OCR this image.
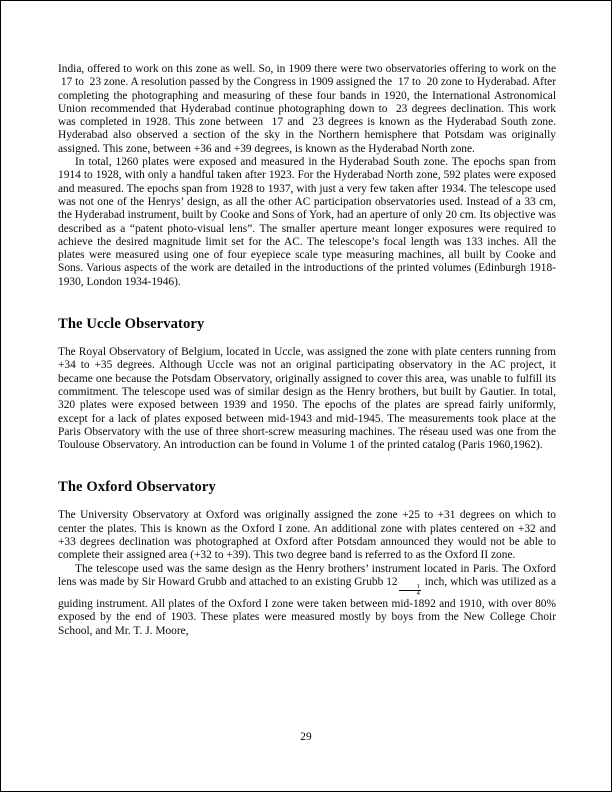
India, offered to work on this zone as well. So, in 1909 there were two observatories offering to work on the  17 to  23 zone. A resolution passed by the Congress in 1909 assigned the  17 to  20 zone to Hyderabad. After completing the photographing and measuring of these four bands in 1920, the International Astronomical Union recommended that Hyderabad continue photographing down to  23 degrees declination. This work was completed in 1928. This zone between  17 and  23 degrees is known as the Hyderabad South zone. Hyderabad also observed a section of the sky in the Northern hemisphere that Potsdam was originally assigned. This zone, between +36 and +39 degrees, is known as the Hyderabad North zone.

In total, 1260 plates were exposed and measured in the Hyderabad South zone. The epochs span from 1914 to 1928, with only a handful taken after 1923. For the Hyderabad North zone, 592 plates were exposed and measured. The epochs span from 1928 to 1937, with just a very few taken after 1934. The telescope used was not one of the Henrys’ design, as all the other AC participation observatories used. Instead of a 33 cm, the Hyderabad instrument, built by Cooke and Sons of York, had an aperture of only 20 cm. Its objective was described as a “patent photo-visual lens”. The smaller aperture meant longer exposures were required to achieve the desired magnitude limit set for the AC. The telescope’s focal length was 133 inches. All the plates were measured using one of four eyepiece scale type measuring machines, all built by Cooke and Sons. Various aspects of the work are detailed in the introductions of the printed volumes (Edinburgh 1918-1930, London 1934-1946).

The Uccle Observatory

The Royal Observatory of Belgium, located in Uccle, was assigned the zone with plate centers running from +34 to +35 degrees. Although Uccle was not an original participating observatory in the AC project, it became one because the Potsdam Observatory, originally assigned to cover this area, was unable to fulfill its commitment. The telescope used was of similar design as the Henry brothers, but built by Gautier. In total, 320 plates were exposed between 1939 and 1950. The epochs of the plates are spread fairly uniformly, except for a lack of plates exposed between mid-1943 and mid-1945. The measurements took place at the Paris Observatory with the use of three short-screw measuring machines. The réseau used was one from the Toulouse Observatory. An introduction can be found in Volume 1 of the printed catalog (Paris 1960,1962).

The Oxford Observatory

The University Observatory at Oxford was originally assigned the zone +25 to +31 degrees on which to center the plates. This is known as the Oxford I zone. An additional zone with plates centered on +32 and +33 degrees declination was photographed at Oxford after Potsdam announced they would not be able to complete their assigned area (+32 to +39). This two degree band is referred to as the Oxford II zone.

The telescope used was the same design as the Henry brothers’ instrument located in Paris. The Oxford lens was made by Sir Howard Grubb and attached to an existing Grubb 12
$\frac{1}{4}$
inch, which was utilized as a guiding instrument. All plates of the Oxford I zone were taken between mid-1892 and 1910, with over 80% exposed by the end of 1903. These plates were measured mostly by boys from the New College Choir School, and Mr. T. J. Moore,

29
